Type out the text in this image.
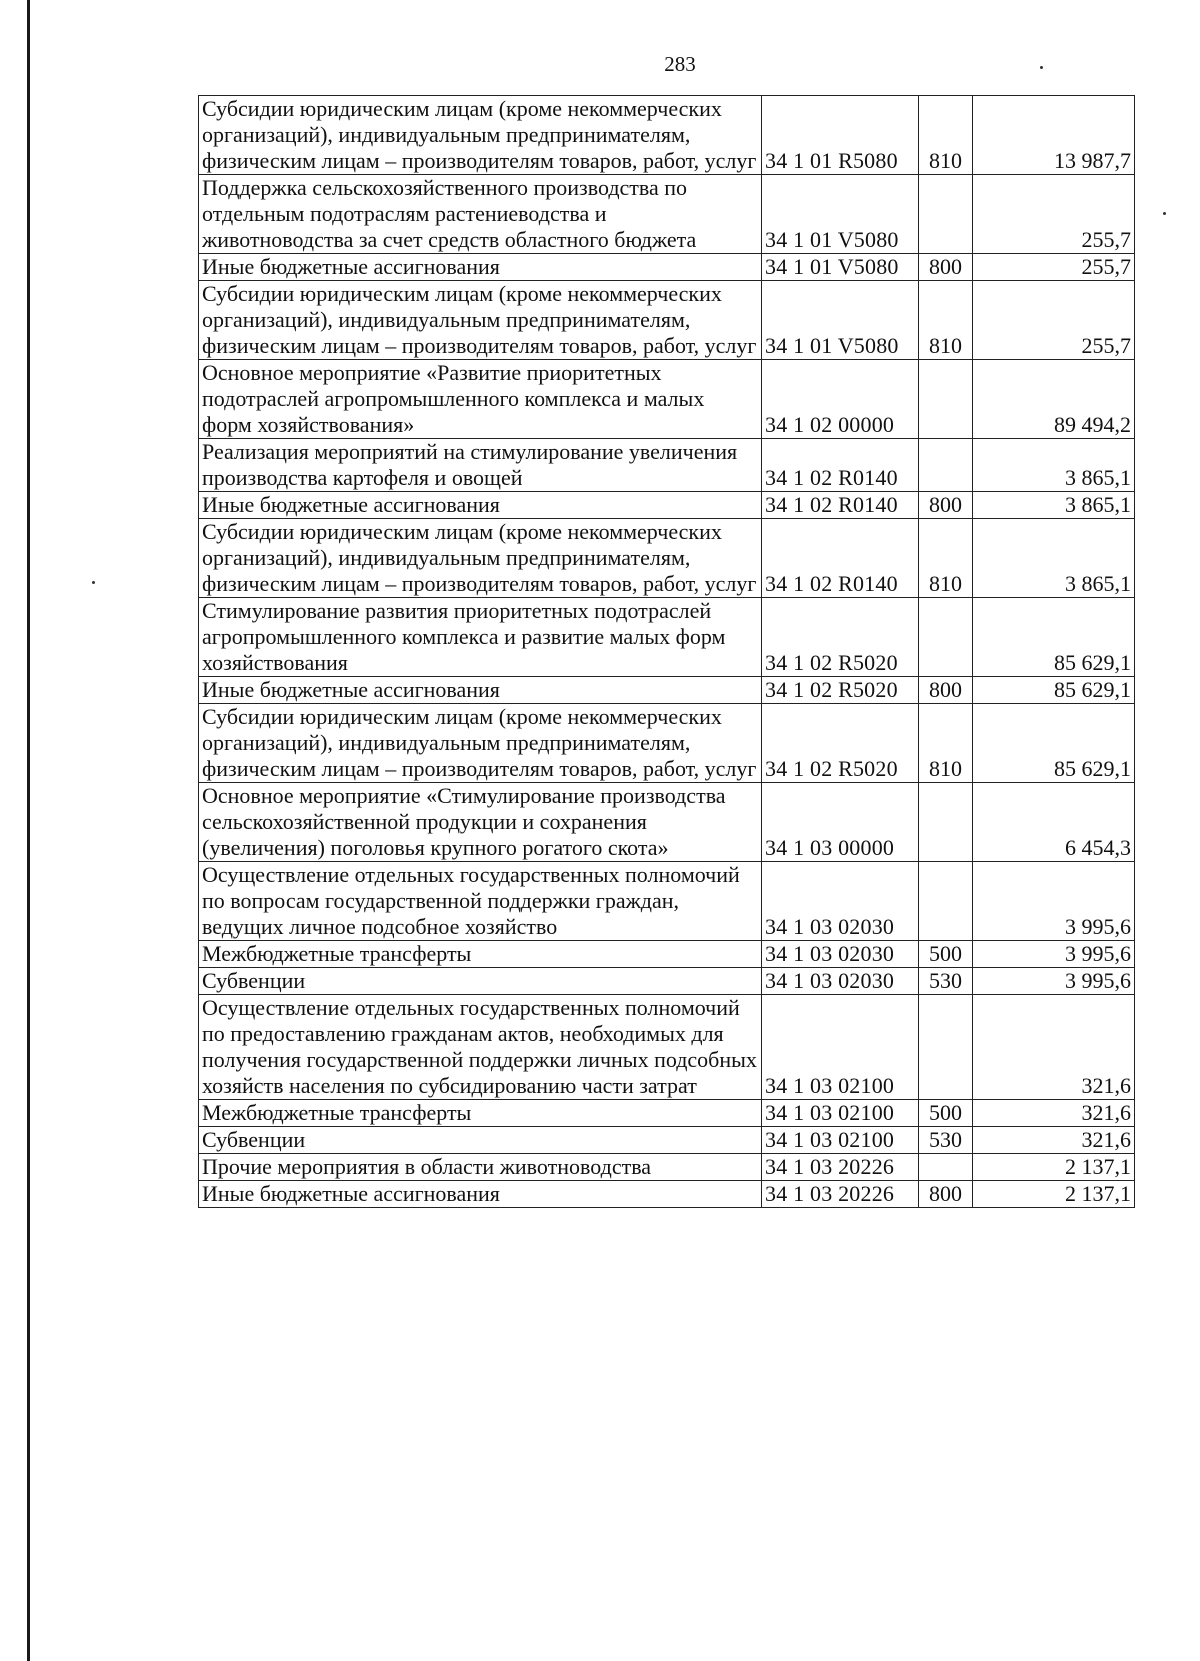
283
Субсидии юридическим лицам (кроме некоммерческих организаций), индивидуальным предпринимателям, физическим лицам – производителям товаров, работ, услуг	34 1 01 R5080	810	13 987,7
Поддержка сельскохозяйственного производства по отдельным подотраслям растениеводства и животноводства за счет средств областного бюджета	34 1 01 V5080		255,7
Иные бюджетные ассигнования	34 1 01 V5080	800	255,7
Субсидии юридическим лицам (кроме некоммерческих организаций), индивидуальным предпринимателям, физическим лицам – производителям товаров, работ, услуг	34 1 01 V5080	810	255,7
Основное мероприятие «Развитие приоритетных подотраслей агропромышленного комплекса и малых форм хозяйствования»	34 1 02 00000		89 494,2
Реализация мероприятий на стимулирование увеличения производства картофеля и овощей	34 1 02 R0140		3 865,1
Иные бюджетные ассигнования	34 1 02 R0140	800	3 865,1
Субсидии юридическим лицам (кроме некоммерческих организаций), индивидуальным предпринимателям, физическим лицам – производителям товаров, работ, услуг	34 1 02 R0140	810	3 865,1
Стимулирование развития приоритетных подотраслей агропромышленного комплекса и развитие малых форм хозяйствования	34 1 02 R5020		85 629,1
Иные бюджетные ассигнования	34 1 02 R5020	800	85 629,1
Субсидии юридическим лицам (кроме некоммерческих организаций), индивидуальным предпринимателям, физическим лицам – производителям товаров, работ, услуг	34 1 02 R5020	810	85 629,1
Основное мероприятие «Стимулирование производства сельскохозяйственной продукции и сохранения (увеличения) поголовья крупного рогатого скота»	34 1 03 00000		6 454,3
Осуществление отдельных государственных полномочий по вопросам государственной поддержки граждан, ведущих личное подсобное хозяйство	34 1 03 02030		3 995,6
Межбюджетные трансферты	34 1 03 02030	500	3 995,6
Субвенции	34 1 03 02030	530	3 995,6
Осуществление отдельных государственных полномочий по предоставлению гражданам актов, необходимых для получения государственной поддержки личных подсобных хозяйств населения по субсидированию части затрат	34 1 03 02100		321,6
Межбюджетные трансферты	34 1 03 02100	500	321,6
Субвенции	34 1 03 02100	530	321,6
Прочие мероприятия в области животноводства	34 1 03 20226		2 137,1
Иные бюджетные ассигнования	34 1 03 20226	800	2 137,1
